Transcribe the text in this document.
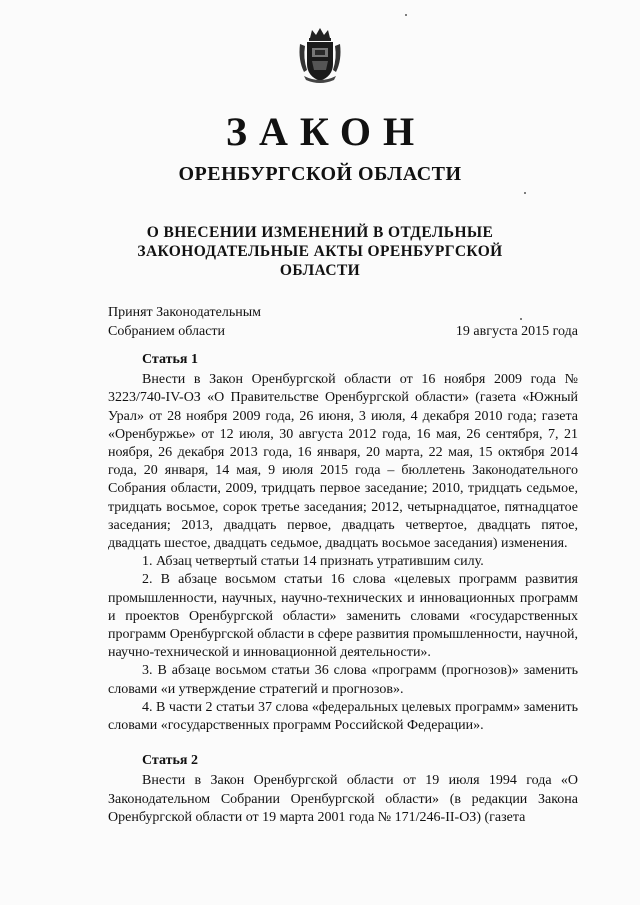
ЗАКОН
ОРЕНБУРГСКОЙ ОБЛАСТИ
О ВНЕСЕНИИ ИЗМЕНЕНИЙ В ОТДЕЛЬНЫЕ ЗАКОНОДАТЕЛЬНЫЕ АКТЫ ОРЕНБУРГСКОЙ ОБЛАСТИ
Принят Законодательным
Собранием области	19 августа 2015 года
Статья 1

Внести в Закон Оренбургской области от 16 ноября 2009 года № 3223/740-IV-ОЗ «О Правительстве Оренбургской области» (газета «Южный Урал» от 28 ноября 2009 года, 26 июня, 3 июля, 4 декабря 2010 года; газета «Оренбуржье» от 12 июля, 30 августа 2012 года, 16 мая, 26 сентября, 7, 21 ноября, 26 декабря 2013 года, 16 января, 20 марта, 22 мая, 15 октября 2014 года, 20 января, 14 мая, 9 июля 2015 года – бюллетень Законодательного Собрания области, 2009, тридцать первое заседание; 2010, тридцать седьмое, тридцать восьмое, сорок третье заседания; 2012, четырнадцатое, пятнадцатое заседания; 2013, двадцать первое, двадцать четвертое, двадцать пятое, двадцать шестое, двадцать седьмое, двадцать восьмое заседания) изменения.

1. Абзац четвертый статьи 14 признать утратившим силу.

2. В абзаце восьмом статьи 16 слова «целевых программ развития промышленности, научных, научно-технических и инновационных программ и проектов Оренбургской области» заменить словами «государственных программ Оренбургской области в сфере развития промышленности, научной, научно-технической и инновационной деятельности».

3. В абзаце восьмом статьи 36 слова «программ (прогнозов)» заменить словами «и утверждение стратегий и прогнозов».

4. В части 2 статьи 37 слова «федеральных целевых программ» заменить словами «государственных программ Российской Федерации».

Статья 2

Внести в Закон Оренбургской области от 19 июля 1994 года «О Законодательном Собрании Оренбургской области» (в редакции Закона Оренбургской области от 19 марта 2001 года № 171/246-II-ОЗ) (газета
